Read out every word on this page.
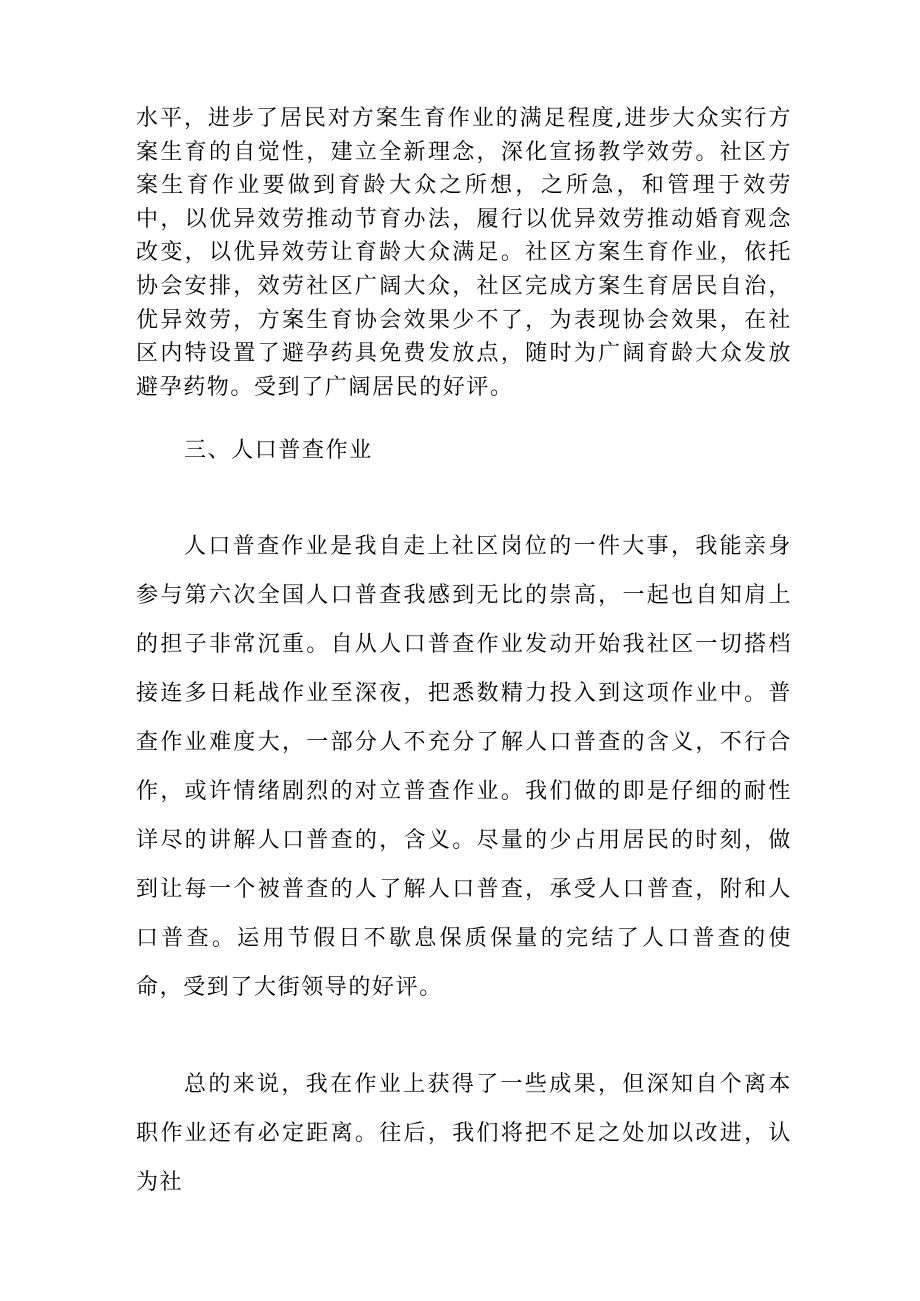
水平，进步了居民对方案生育作业的满足程度,进步大众实行方案生育的自觉性，建立全新理念，深化宣扬教学效劳。社区方案生育作业要做到育龄大众之所想，之所急，和管理于效劳中，以优异效劳推动节育办法，履行以优异效劳推动婚育观念改变，以优异效劳让育龄大众满足。社区方案生育作业，依托协会安排，效劳社区广阔大众，社区完成方案生育居民自治，优异效劳，方案生育协会效果少不了，为表现协会效果，在社区内特设置了避孕药具免费发放点，随时为广阔育龄大众发放避孕药物。受到了广阔居民的好评。

三、人口普查作业

人口普查作业是我自走上社区岗位的一件大事，我能亲身参与第六次全国人口普查我感到无比的崇高，一起也自知肩上的担子非常沉重。自从人口普查作业发动开始我社区一切搭档接连多日耗战作业至深夜，把悉数精力投入到这项作业中。普查作业难度大，一部分人不充分了解人口普查的含义，不行合作，或许情绪剧烈的对立普查作业。我们做的即是仔细的耐性详尽的讲解人口普查的，含义。尽量的少占用居民的时刻，做到让每一个被普查的人了解人口普查，承受人口普查，附和人口普查。运用节假日不歇息保质保量的完结了人口普查的使命，受到了大街领导的好评。

总的来说，我在作业上获得了一些成果，但深知自个离本职作业还有必定距离。往后，我们将把不足之处加以改进，认为社
